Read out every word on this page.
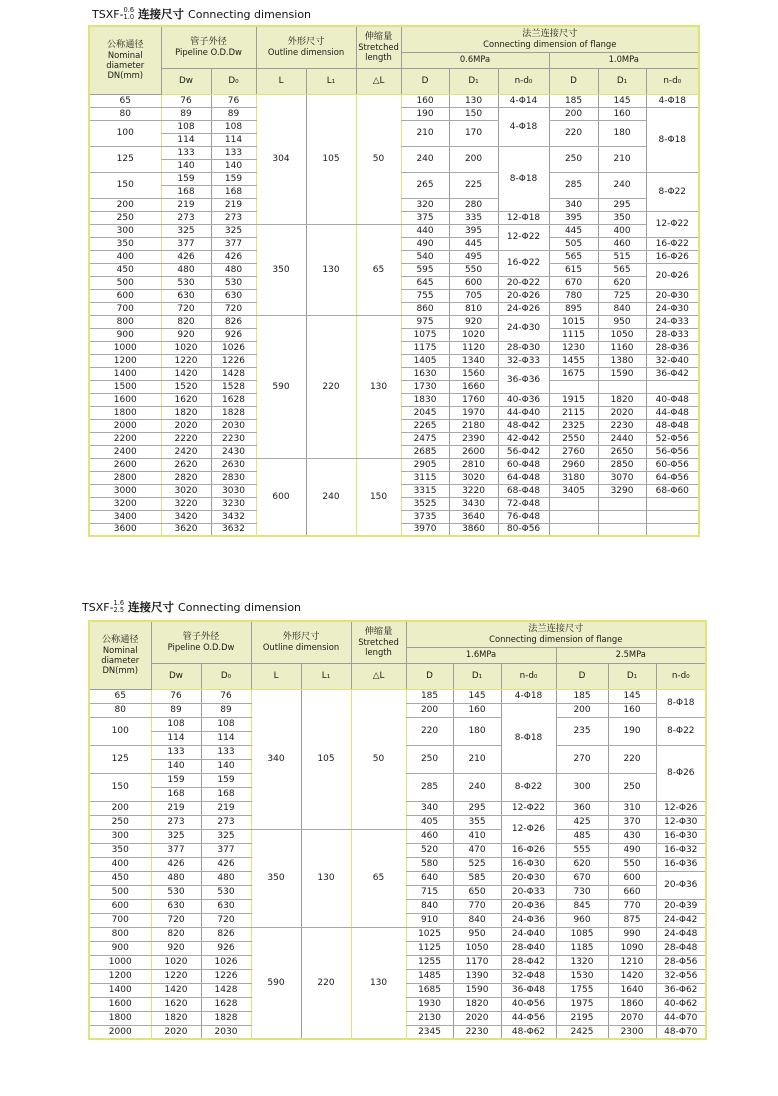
TSXF- 0.6
1.0 连接尺寸 Connecting dimension
公称通径
Nominal
diameter
DN(mm)	管子外径
Pipeline O.D.Dw		外形尺寸
Outline dimension		伸缩量
Stretched
length	法兰连接尺寸
Connecting dimension of flange					

						0.6MPa			1.0MPa		
	Dw	D₀	L	L₁	△L	D	D₁	n-d₀	D	D₁	n-d₀
65	76	76	304	105	50	160	130	4-Φ14	185	145	4-Φ18
80	89	89				190	150	4-Φ18	200	160	8-Φ18
100	108	108				210	170		220	180	
	114	114									
125	133	133				240	200	8-Φ18	250	210	
	140	140									
150	159	159				265	225		285	240	8-Φ22
	168	168									
200	219	219				320	280		340	295	
250	273	273				375	335	12-Φ18	395	350	12-Φ22
300	325	325	350	130	65	440	395	12-Φ22	445	400	
350	377	377				490	445		505	460	16-Φ22
400	426	426				540	495	16-Φ22	565	515	16-Φ26
450	480	480				595	550		615	565	20-Φ26
500	530	530				645	600	20-Φ22	670	620	
600	630	630				755	705	20-Φ26	780	725	20-Φ30
700	720	720				860	810	24-Φ26	895	840	24-Φ30
800	820	826	590	220	130	975	920	24-Φ30	1015	950	24-Φ33
900	920	926				1075	1020		1115	1050	28-Φ33
1000	1020	1026				1175	1120	28-Φ30	1230	1160	28-Φ36
1200	1220	1226				1405	1340	32-Φ33	1455	1380	32-Φ40
1400	1420	1428				1630	1560	36-Φ36	1675	1590	36-Φ42
1500	1520	1528				1730	1660				
1600	1620	1628				1830	1760	40-Φ36	1915	1820	40-Φ48
1800	1820	1828				2045	1970	44-Φ40	2115	2020	44-Φ48
2000	2020	2030				2265	2180	48-Φ42	2325	2230	48-Φ48
2200	2220	2230				2475	2390	42-Φ42	2550	2440	52-Φ56
2400	2420	2430				2685	2600	56-Φ42	2760	2650	56-Φ56
2600	2620	2630	600	240	150	2905	2810	60-Φ48	2960	2850	60-Φ56
2800	2820	2830				3115	3020	64-Φ48	3180	3070	64-Φ56
3000	3020	3030				3315	3220	68-Φ48	3405	3290	68-Φ60
3200	3220	3230				3525	3430	72-Φ48			
3400	3420	3432				3735	3640	76-Φ48			
3600	3620	3632				3970	3860	80-Φ56			
TSXF- 1.6
2.5 连接尺寸 Connecting dimension
公称通径
Nominal
diameter
DN(mm)	管子外径
Pipeline O.D.Dw		外形尺寸
Outline dimension		伸缩量
Stretched
length	法兰连接尺寸
Connecting dimension of flange					

						1.6MPa			2.5MPa		
	Dw	D₀	L	L₁	△L	D	D₁	n-d₀	D	D₁	n-d₀
65	76	76	340	105	50	185	145	4-Φ18	185	145	8-Φ18
80	89	89				200	160	8-Φ18	200	160	
100	108	108				220	180		235	190	8-Φ22
	114	114									
125	133	133				250	210		270	220	8-Φ26
	140	140									
150	159	159				285	240	8-Φ22	300	250	
	168	168									
200	219	219				340	295	12-Φ22	360	310	12-Φ26
250	273	273				405	355	12-Φ26	425	370	12-Φ30
300	325	325	350	130	65	460	410		485	430	16-Φ30
350	377	377				520	470	16-Φ26	555	490	16-Φ32
400	426	426				580	525	16-Φ30	620	550	16-Φ36
450	480	480				640	585	20-Φ30	670	600	20-Φ36
500	530	530				715	650	20-Φ33	730	660	
600	630	630				840	770	20-Φ36	845	770	20-Φ39
700	720	720				910	840	24-Φ36	960	875	24-Φ42
800	820	826	590	220	130	1025	950	24-Φ40	1085	990	24-Φ48
900	920	926				1125	1050	28-Φ40	1185	1090	28-Φ48
1000	1020	1026				1255	1170	28-Φ42	1320	1210	28-Φ56
1200	1220	1226				1485	1390	32-Φ48	1530	1420	32-Φ56
1400	1420	1428				1685	1590	36-Φ48	1755	1640	36-Φ62
1600	1620	1628				1930	1820	40-Φ56	1975	1860	40-Φ62
1800	1820	1828				2130	2020	44-Φ56	2195	2070	44-Φ70
2000	2020	2030				2345	2230	48-Φ62	2425	2300	48-Φ70
